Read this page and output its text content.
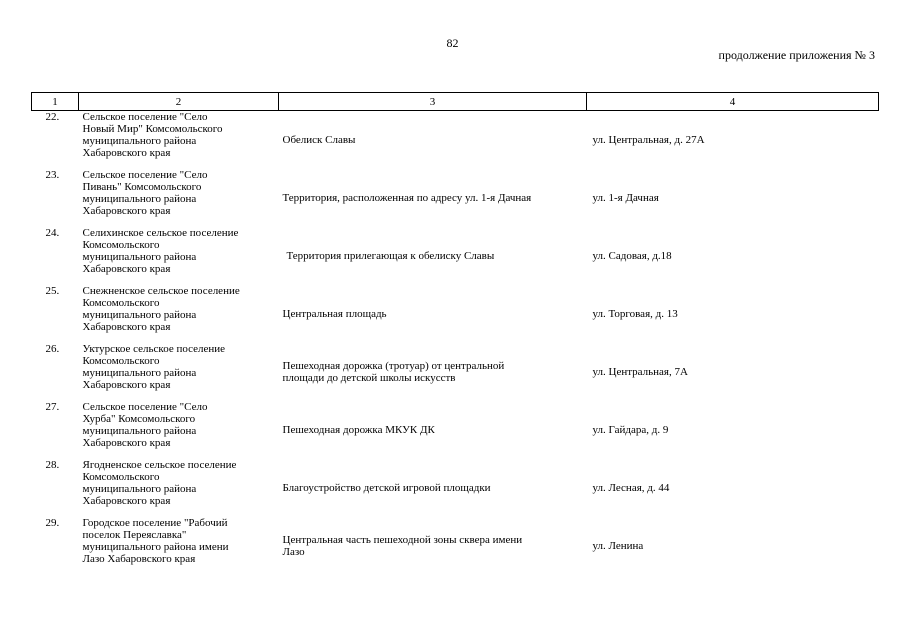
82
продолжение приложения № 3
1	2	3	4
22.	Сельское поселение "Село
Новый Мир" Комсомольского
муниципального района
Хабаровского края	Обелиск Славы	ул. Центральная, д. 27А
23.	Сельское поселение "Село
Пивань" Комсомольского
муниципального района
Хабаровского края	Территория, расположенная по адресу ул. 1-я Дачная	ул. 1-я Дачная
24.	Селихинское сельское поселение
Комсомольского
муниципального района
Хабаровского края	Территория прилегающая к обелиску Славы	ул. Садовая, д.18
25.	Снежненское сельское поселение
Комсомольского
муниципального района
Хабаровского края	Центральная площадь	ул. Торговая, д. 13
26.	Уктурское сельское поселение
Комсомольского
муниципального района
Хабаровского края	Пешеходная дорожка (тротуар) от центральной
площади до детской школы искусств	ул. Центральная, 7А
27.	Сельское поселение "Село
Хурба" Комсомольского
муниципального района
Хабаровского края	Пешеходная дорожка МКУК ДК	ул. Гайдара, д. 9
28.	Ягодненское сельское поселение
Комсомольского
муниципального района
Хабаровского края	Благоустройство детской игровой площадки	ул. Лесная, д. 44
29.	Городское поселение "Рабочий
поселок Переяславка"
муниципального района имени
Лазо Хабаровского края	Центральная часть пешеходной зоны сквера имени
Лазо	ул. Ленина
